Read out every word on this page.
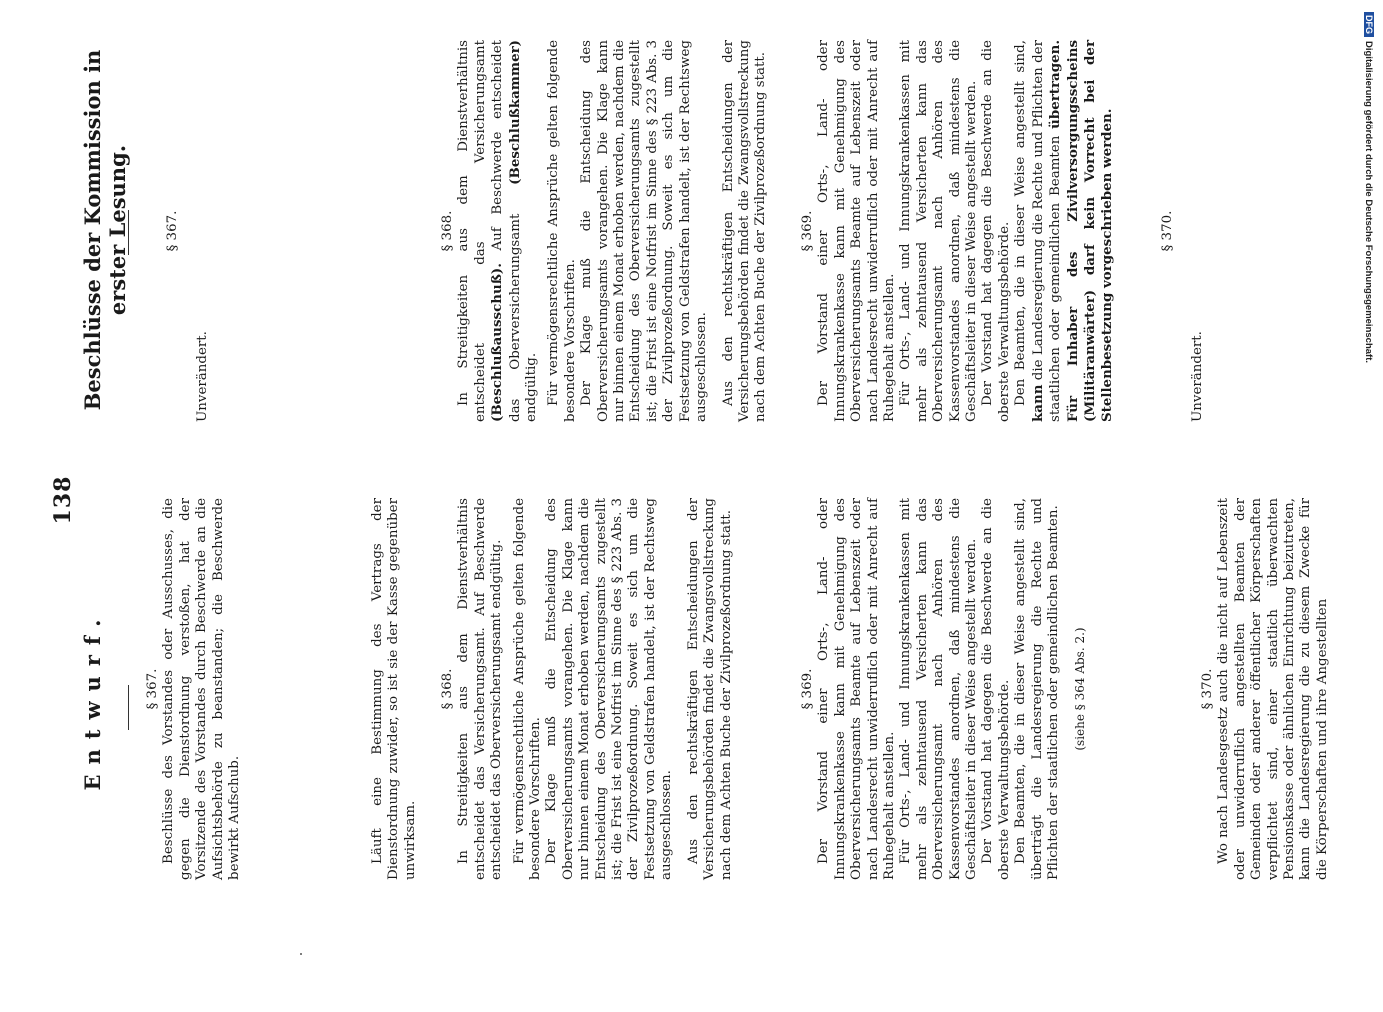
138
Entwurf.
Beschlüsse der Kommission in erster Lesung.
§ 367. Beschlüsse des Vorstandes oder Ausschusses, die gegen die Dienstordnung verstoßen, hat der Vorsitzende des Vorstandes durch Beschwerde an die Aufsichtsbehörde zu beanstanden; die Beschwerde bewirkt Aufschub.	Läuft eine Bestimmung des Vertrags der Dienstordnung zuwider, so ist sie der Kasse gegenüber unwirksam.

§ 368. In Streitigkeiten aus dem Dienstverhältnis entscheidet das Versicherungsamt. Auf Beschwerde entscheidet das Oberversicherungsamt endgültig. Für vermögensrechtliche Ansprüche gelten folgende besondere Vorschriften. Der Klage muß die Entscheidung des Oberversicherungsamts vorangehen. Die Klage kann nur binnen einem Monat erhoben werden, nachdem die Entscheidung des Oberversicherungsamts zugestellt ist; die Frist ist eine Notfrist im Sinne des § 223 Abs. 3 der Zivilprozeßordnung. Soweit es sich um die Festsetzung von Geldstrafen handelt, ist der Rechtsweg ausgeschlossen. Aus den rechtskräftigen Entscheidungen der Versicherungsbehörden findet die Zwangsvollstreckung nach dem Achten Buche der Zivilprozeßordnung statt.	§ 369. Der Vorstand einer Orts-, Land- oder Innungskrankenkasse kann mit Genehmigung des Oberversicherungsamts Beamte auf Lebenszeit oder nach Landesrecht unwiderruflich oder mit Anrecht auf Ruhegehalt anstellen. Für Orts-, Land- und Innungskrankenkassen mit mehr als zehntausend Versicherten kann das Oberversicherungsamt nach Anhören des Kassenvorstandes anordnen, daß mindestens die Geschäftsleiter in dieser Weise angestellt werden. Der Vorstand hat dagegen die Beschwerde an die oberste Verwaltungsbehörde. Den Beamten, die in dieser Weise angestellt sind, überträgt die Landesregierung die Rechte und Pflichten der staatlichen oder gemeindlichen Beamten. (siehe § 364 Abs. 2.)	§ 370. Wo nach Landesgesetz auch die nicht auf Lebenszeit oder unwiderruflich angestellten Beamten der Gemeinden oder anderer öffentlicher Körperschaften verpflichtet sind, einer staatlich überwachten Pensionskasse oder ähnlichen Einrichtung beizutreten, kann die Landesregierung die zu diesem Zwecke für die Körperschaften und ihre Angestellten

§ 367.

Unverändert.

§ 368. In Streitigkeiten aus dem Dienstverhältnis entscheidet das Versicherungsamt (Beschlußausschuß). Auf Beschwerde entscheidet das Oberversicherungsamt (Beschlußkammer) endgültig. Für vermögensrechtliche Ansprüche gelten folgende besondere Vorschriften. Der Klage muß die Entscheidung des Oberversicherungsamts vorangehen. Die Klage kann nur binnen einem Monat erhoben werden, nachdem die Entscheidung des Oberversicherungsamts zugestellt ist; die Frist ist eine Notfrist im Sinne des § 223 Abs. 3 der Zivilprozeßordnung. Soweit es sich um die Festsetzung von Geldstrafen handelt, ist der Rechtsweg ausgeschlossen. Aus den rechtskräftigen Entscheidungen der Versicherungsbehörden findet die Zwangsvollstreckung nach dem Achten Buche der Zivilprozeßordnung statt. § 369. Der Vorstand einer Orts-, Land- oder Innungskrankenkasse kann mit Genehmigung des Oberversicherungsamts Beamte auf Lebenszeit oder nach Landesrecht unwiderruflich oder mit Anrecht auf Ruhegehalt anstellen. Für Orts-, Land- und Innungskrankenkassen mit mehr als zehntausend Versicherten kann das Oberversicherungsamt nach Anhören des Kassenvorstandes anordnen, daß mindestens die Geschäftsleiter in dieser Weise angestellt werden. Der Vorstand hat dagegen die Beschwerde an die oberste Verwaltungsbehörde. Den Beamten, die in dieser Weise angestellt sind, kann die Landesregierung die Rechte und Pflichten der staatlichen oder gemeindlichen Beamten übertragen. Für Inhaber des Zivilversorgungsscheins (Militäranwärter) darf kein Vorrecht bei der Stellenbesetzung vorgeschrieben werden.	§ 370.

Unverändert.

DFGDigitalisierung gefördert durch die Deutsche Forschungsgemeinschaft.
